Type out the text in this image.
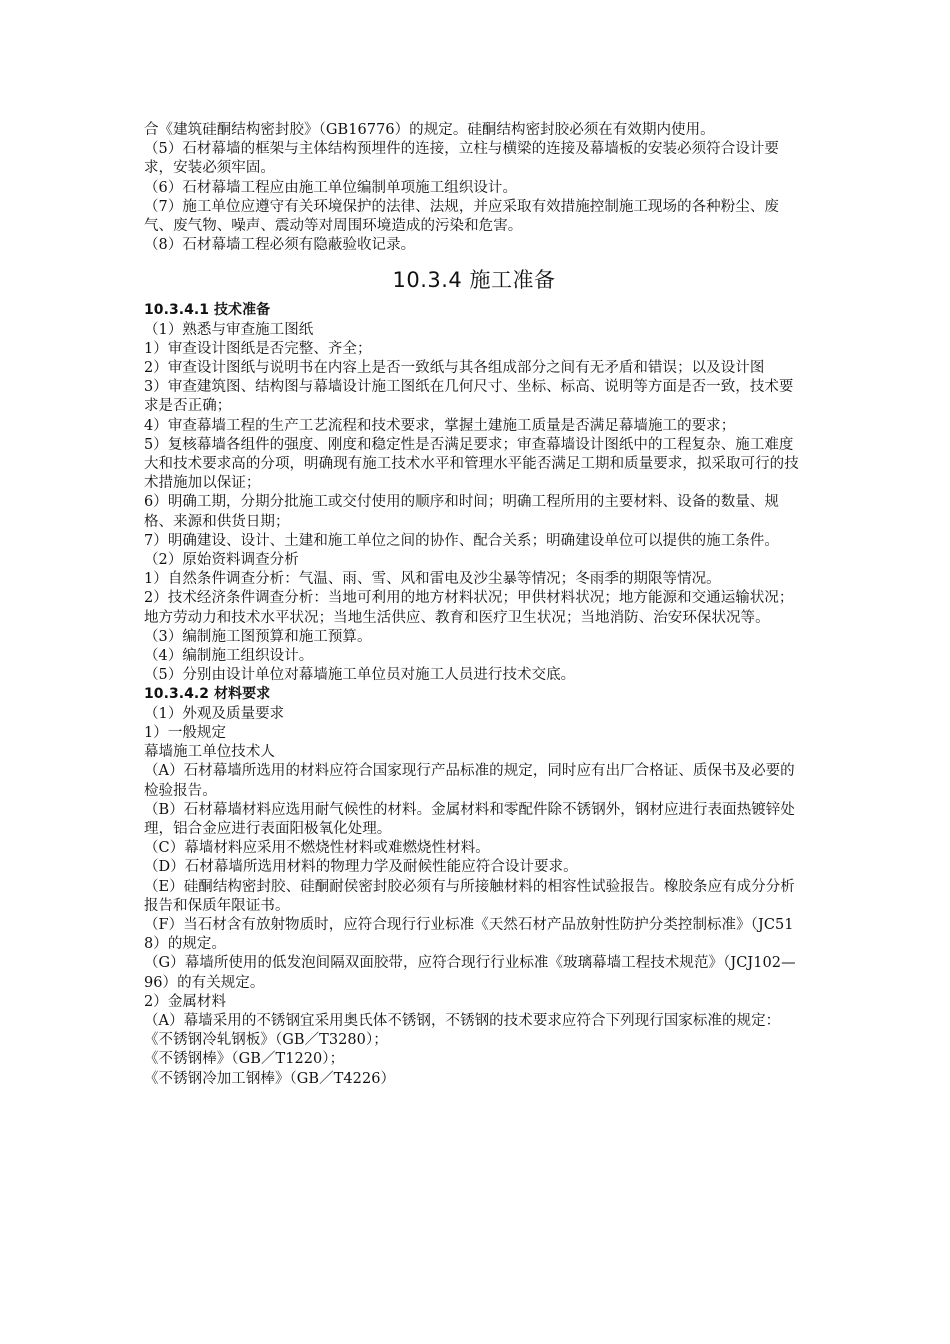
合《建筑硅酮结构密封胶》（GB16776）的规定。硅酮结构密封胶必须在有效期内使用。

（5）石材幕墙的框架与主体结构预埋件的连接，立柱与横梁的连接及幕墙板的安装必须符合设计要求，安装必须牢固。

（6）石材幕墙工程应由施工单位编制单项施工组织设计。

（7）施工单位应遵守有关环境保护的法律、法规，并应采取有效措施控制施工现场的各种粉尘、废气、废气物、噪声、震动等对周围环境造成的污染和危害。

（8）石材幕墙工程必须有隐蔽验收记录。

10.3.4 施工准备

10.3.4.1 技术准备

（1）熟悉与审查施工图纸

1）审查设计图纸是否完整、齐全；

2）审查设计图纸与说明书在内容上是否一致纸与其各组成部分之间有无矛盾和错误；以及设计图

3）审查建筑图、结构图与幕墙设计施工图纸在几何尺寸、坐标、标高、说明等方面是否一致，技术要求是否正确；

4）审查幕墙工程的生产工艺流程和技术要求，掌握土建施工质量是否满足幕墙施工的要求；

5）复核幕墙各组件的强度、刚度和稳定性是否满足要求；审查幕墙设计图纸中的工程复杂、施工难度大和技术要求高的分项，明确现有施工技术水平和管理水平能否满足工期和质量要求，拟采取可行的技术措施加以保证；

6）明确工期，分期分批施工或交付使用的顺序和时间；明确工程所用的主要材料、设备的数量、规格、来源和供货日期；

7）明确建设、设计、土建和施工单位之间的协作、配合关系；明确建设单位可以提供的施工条件。

（2）原始资料调查分析

1）自然条件调查分析：气温、雨、雪、风和雷电及沙尘暴等情况；冬雨季的期限等情况。

2）技术经济条件调查分析：当地可利用的地方材料状况；甲供材料状况；地方能源和交通运输状况；地方劳动力和技术水平状况；当地生活供应、教育和医疗卫生状况；当地消防、治安环保状况等。

（3）编制施工图预算和施工预算。

（4）编制施工组织设计。

（5）分别由设计单位对幕墙施工单位员对施工人员进行技术交底。

10.3.4.2 材料要求

（1）外观及质量要求

1）一般规定

幕墙施工单位技术人

（A）石材幕墙所选用的材料应符合国家现行产品标准的规定，同时应有出厂合格证、质保书及必要的检验报告。

（B）石材幕墙材料应选用耐气候性的材料。金属材料和零配件除不锈钢外，钢材应进行表面热镀锌处理，铝合金应进行表面阳极氧化处理。

（C）幕墙材料应采用不燃烧性材料或难燃烧性材料。

（D）石材幕墙所选用材料的物理力学及耐候性能应符合设计要求。

（E）硅酮结构密封胶、硅酮耐侯密封胶必须有与所接触材料的相容性试验报告。橡胶条应有成分分析报告和保质年限证书。

（F）当石材含有放射物质时，应符合现行行业标准《天然石材产品放射性防护分类控制标准》（JC518）的规定。

（G）幕墙所使用的低发泡间隔双面胶带，应符合现行行业标准《玻璃幕墙工程技术规范》（JCJ102—96）的有关规定。

2）金属材料

（A）幕墙采用的不锈钢宜采用奥氏体不锈钢，不锈钢的技术要求应符合下列现行国家标准的规定：

《不锈钢冷轧钢板》（GB／T3280）；

《不锈钢棒》（GB／T1220）；

《不锈钢冷加工钢棒》（GB／T4226）
